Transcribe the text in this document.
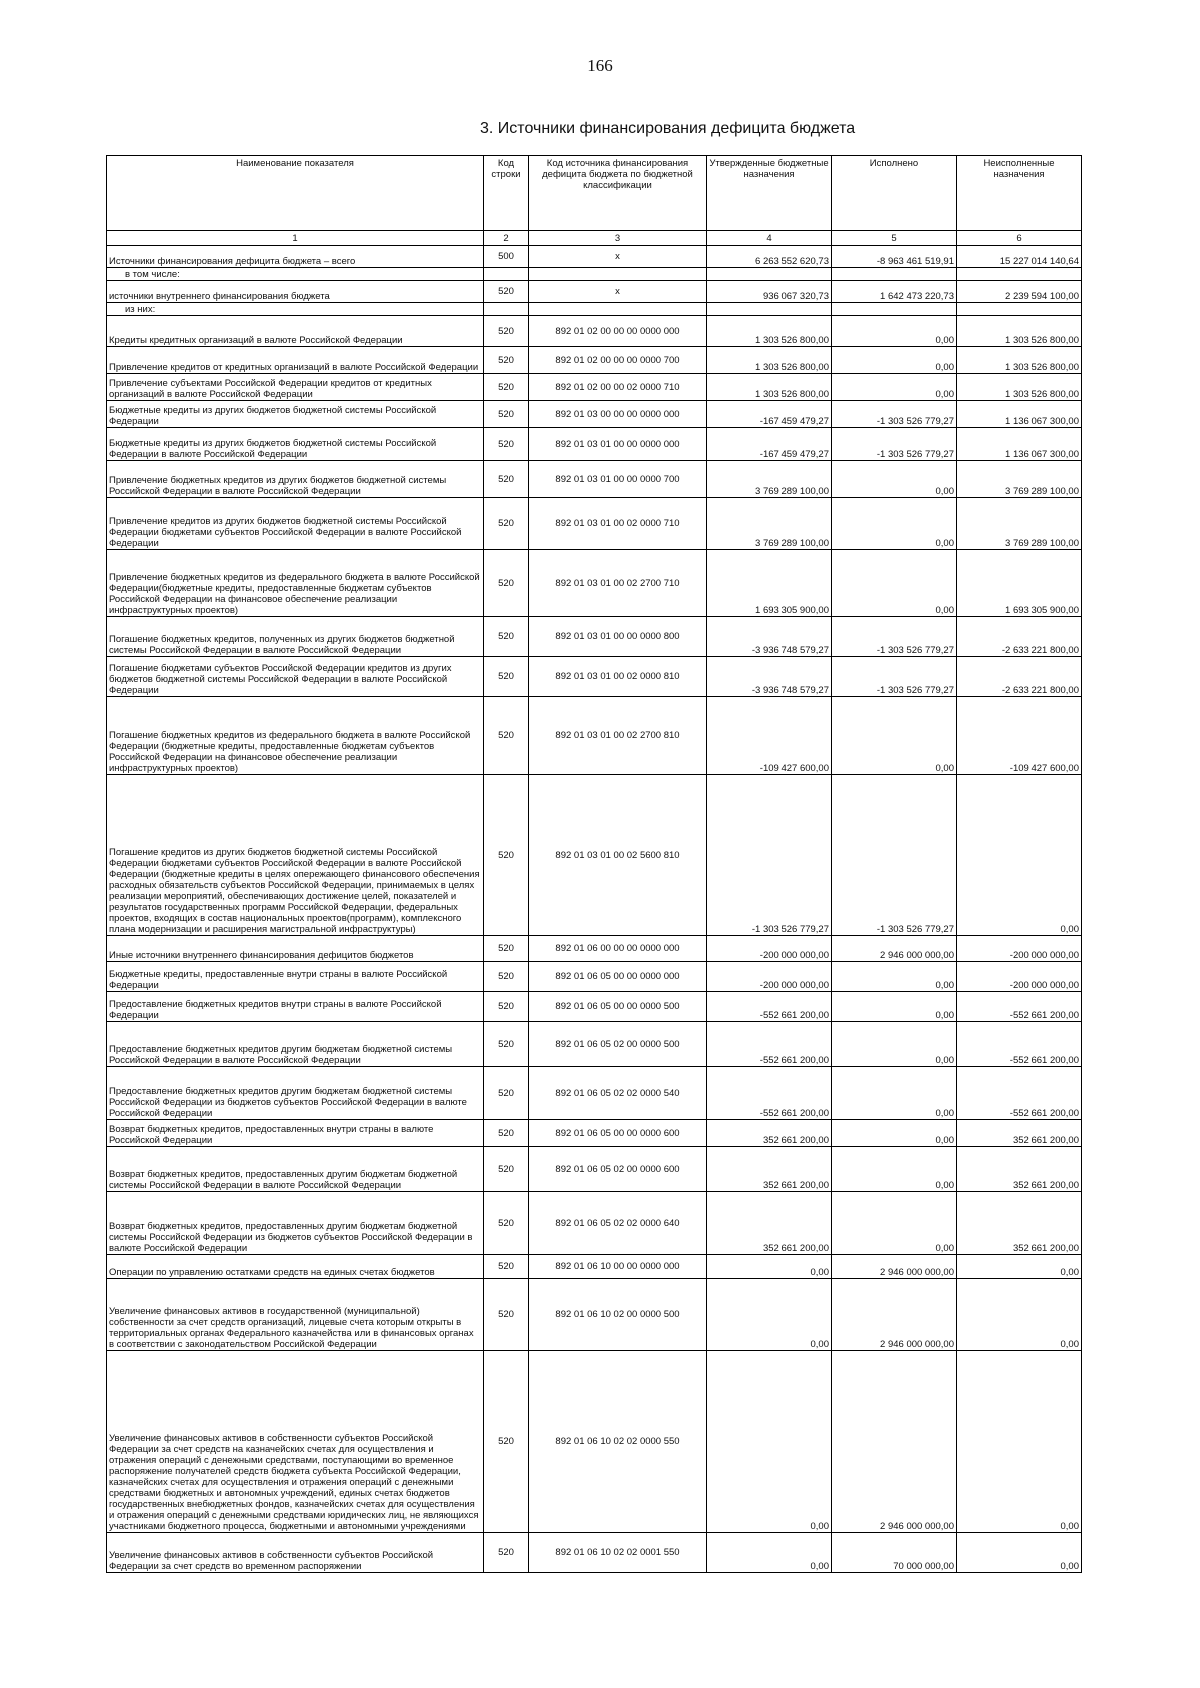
166
3. Источники финансирования дефицита бюджета
Наименование показателя	Код строки	Код источника финансирования дефицита бюджета по бюджетной классификации	Утвержденные бюджетные назначения	Исполнено	Неисполненные назначения
1	2	3	4	5	6
Источники финансирования дефицита бюджета – всего	500	x	6 263 552 620,73	-8 963 461 519,91	15 227 014 140,64
в том числе:					
источники внутреннего финансирования бюджета	520	x	936 067 320,73	1 642 473 220,73	2 239 594 100,00
из них:					
Кредиты кредитных организаций в валюте Российской Федерации	520	892 01 02 00 00 00 0000 000	1 303 526 800,00	0,00	1 303 526 800,00
Привлечение кредитов от кредитных организаций в валюте Российской Федерации	520	892 01 02 00 00 00 0000 700	1 303 526 800,00	0,00	1 303 526 800,00
Привлечение субъектами Российской Федерации кредитов от кредитных организаций в валюте Российской Федерации	520	892 01 02 00 00 02 0000 710	1 303 526 800,00	0,00	1 303 526 800,00
Бюджетные кредиты из других бюджетов бюджетной системы Российской Федерации	520	892 01 03 00 00 00 0000 000	-167 459 479,27	-1 303 526 779,27	1 136 067 300,00
Бюджетные кредиты из других бюджетов бюджетной системы Российской Федерации в валюте Российской Федерации	520	892 01 03 01 00 00 0000 000	-167 459 479,27	-1 303 526 779,27	1 136 067 300,00
Привлечение бюджетных кредитов из других бюджетов бюджетной системы Российской Федерации в валюте Российской Федерации	520	892 01 03 01 00 00 0000 700	3 769 289 100,00	0,00	3 769 289 100,00
Привлечение кредитов из других бюджетов бюджетной системы Российской Федерации бюджетами субъектов Российской Федерации в валюте Российской Федерации	520	892 01 03 01 00 02 0000 710	3 769 289 100,00	0,00	3 769 289 100,00
Привлечение бюджетных кредитов из федерального бюджета в валюте Российской Федерации(бюджетные кредиты, предоставленные бюджетам субъектов Российской Федерации на финансовое обеспечение реализации инфраструктурных проектов)	520	892 01 03 01 00 02 2700 710	1 693 305 900,00	0,00	1 693 305 900,00
Погашение бюджетных кредитов, полученных из других бюджетов бюджетной системы Российской Федерации в валюте Российской Федерации	520	892 01 03 01 00 00 0000 800	-3 936 748 579,27	-1 303 526 779,27	-2 633 221 800,00
Погашение бюджетами субъектов Российской Федерации кредитов из других бюджетов бюджетной системы Российской Федерации в валюте Российской Федерации	520	892 01 03 01 00 02 0000 810	-3 936 748 579,27	-1 303 526 779,27	-2 633 221 800,00
Погашение бюджетных кредитов из федерального бюджета в валюте Российской Федерации (бюджетные кредиты, предоставленные бюджетам субъектов Российской Федерации на финансовое обеспечение реализации инфраструктурных проектов)	520	892 01 03 01 00 02 2700 810	-109 427 600,00	0,00	-109 427 600,00
Погашение кредитов из других бюджетов бюджетной системы Российской Федерации бюджетами субъектов Российской Федерации в валюте Российской Федерации (бюджетные кредиты в целях опережающего финансового обеспечения расходных обязательств субъектов Российской Федерации, принимаемых в целях реализации мероприятий, обеспечивающих достижение целей, показателей и результатов государственных программ Российской Федерации, федеральных проектов, входящих в состав национальных проектов(программ), комплексного плана модернизации и расширения магистральной инфраструктуры)	520	892 01 03 01 00 02 5600 810	-1 303 526 779,27	-1 303 526 779,27	0,00
Иные источники внутреннего финансирования дефицитов бюджетов	520	892 01 06 00 00 00 0000 000	-200 000 000,00	2 946 000 000,00	-200 000 000,00
Бюджетные кредиты, предоставленные внутри страны в валюте Российской Федерации	520	892 01 06 05 00 00 0000 000	-200 000 000,00	0,00	-200 000 000,00
Предоставление бюджетных кредитов внутри страны в валюте Российской Федерации	520	892 01 06 05 00 00 0000 500	-552 661 200,00	0,00	-552 661 200,00
Предоставление бюджетных кредитов другим бюджетам бюджетной системы Российской Федерации в валюте Российской Федерации	520	892 01 06 05 02 00 0000 500	-552 661 200,00	0,00	-552 661 200,00
Предоставление бюджетных кредитов другим бюджетам бюджетной системы Российской Федерации из бюджетов субъектов Российской Федерации в валюте Российской Федерации	520	892 01 06 05 02 02 0000 540	-552 661 200,00	0,00	-552 661 200,00
Возврат бюджетных кредитов, предоставленных внутри страны в валюте Российской Федерации	520	892 01 06 05 00 00 0000 600	352 661 200,00	0,00	352 661 200,00
Возврат бюджетных кредитов, предоставленных другим бюджетам бюджетной системы Российской Федерации в валюте Российской Федерации	520	892 01 06 05 02 00 0000 600	352 661 200,00	0,00	352 661 200,00
Возврат бюджетных кредитов, предоставленных другим бюджетам бюджетной системы Российской Федерации из бюджетов субъектов Российской Федерации в валюте Российской Федерации	520	892 01 06 05 02 02 0000 640	352 661 200,00	0,00	352 661 200,00
Операции по управлению остатками средств на единых счетах бюджетов	520	892 01 06 10 00 00 0000 000	0,00	2 946 000 000,00	0,00
Увеличение финансовых активов в государственной (муниципальной) собственности за счет средств организаций, лицевые счета которым открыты в территориальных органах Федерального казначейства или в финансовых органах в соответствии с законодательством Российской Федерации	520	892 01 06 10 02 00 0000 500	0,00	2 946 000 000,00	0,00
Увеличение финансовых активов в собственности субъектов Российской Федерации за счет средств на казначейских счетах для осуществления и отражения операций с денежными средствами, поступающими во временное распоряжение получателей средств бюджета субъекта Российской Федерации, казначейских счетах для осуществления и отражения операций с денежными средствами бюджетных и автономных учреждений, единых счетах бюджетов государственных внебюджетных фондов, казначейских счетах для осуществления и отражения операций с денежными средствами юридических лиц, не являющихся участниками бюджетного процесса, бюджетными и автономными учреждениями	520	892 01 06 10 02 02 0000 550	0,00	2 946 000 000,00	0,00
Увеличение финансовых активов в собственности субъектов Российской Федерации за счет средств во временном распоряжении	520	892 01 06 10 02 02 0001 550	0,00	70 000 000,00	0,00
